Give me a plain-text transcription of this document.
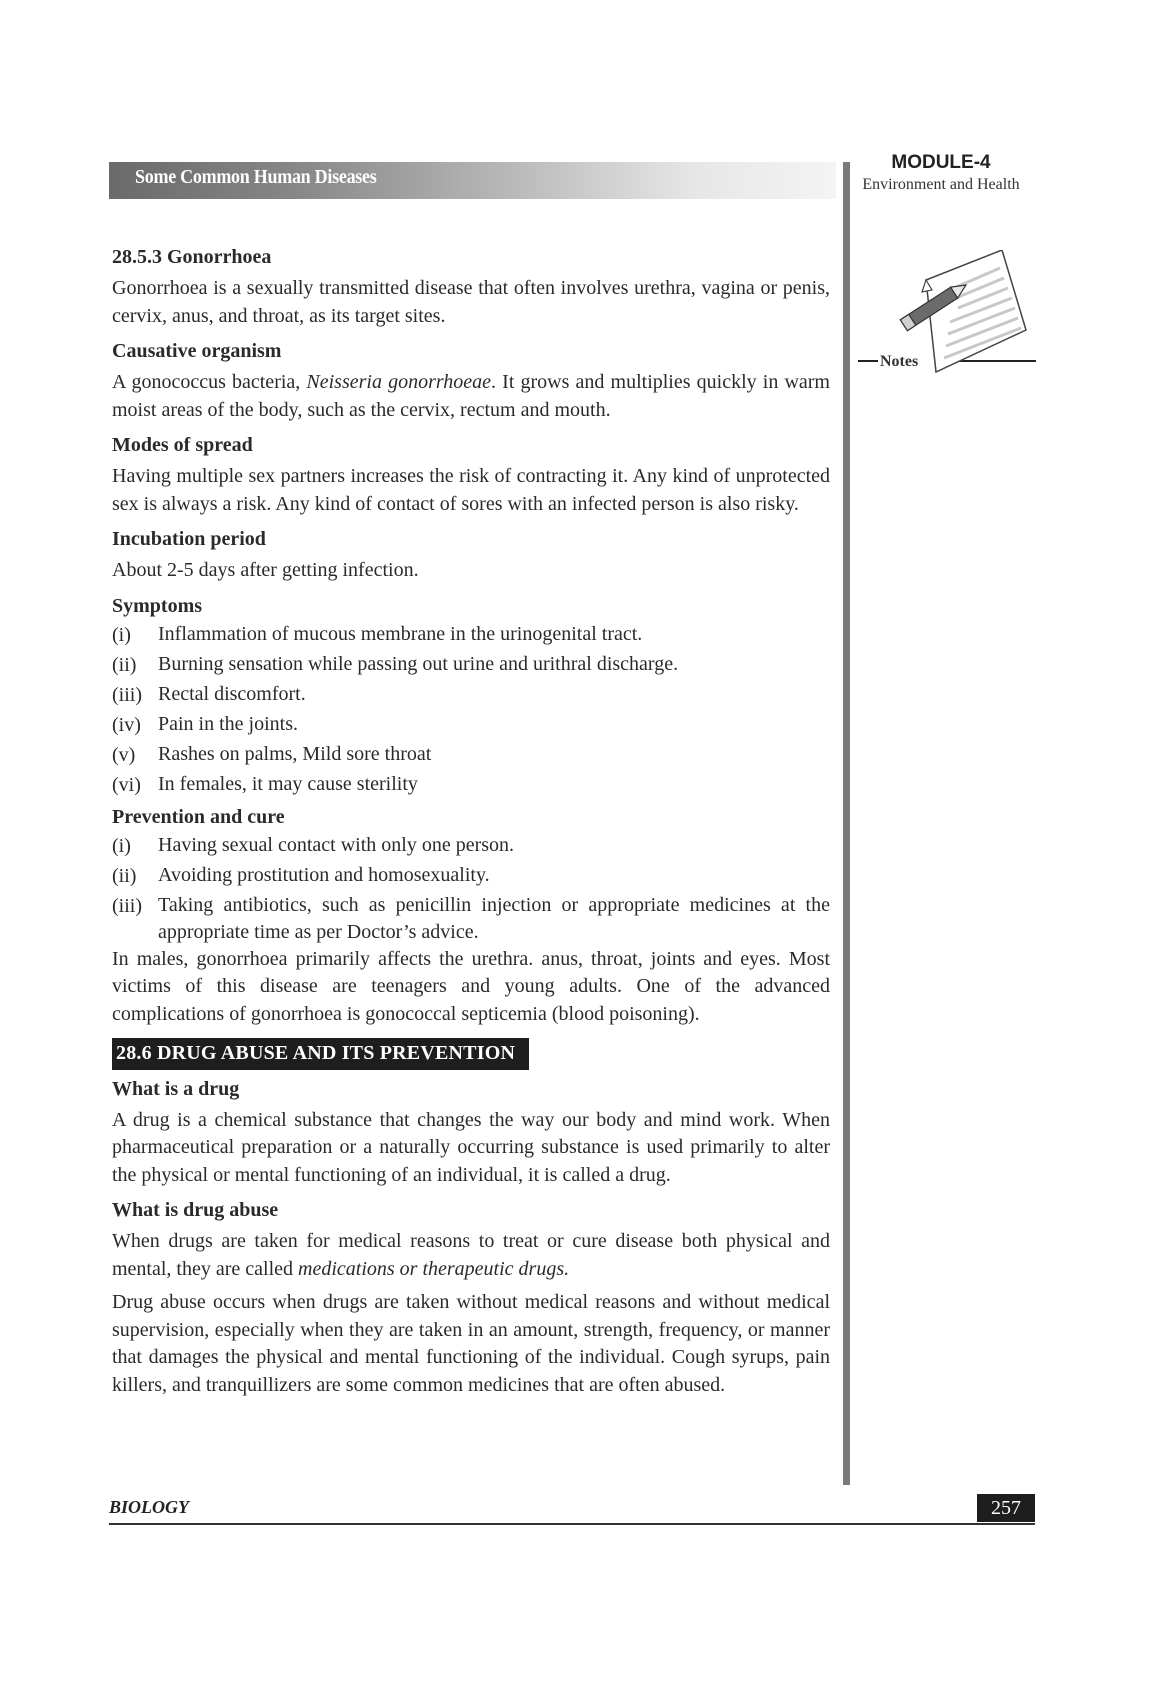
Some Common Human Diseases
MODULE-4
Environment and Health
Notes
28.5.3 Gonorrhoea

Gonorrhoea is a sexually transmitted disease that often involves urethra, vagina or penis, cervix, anus, and throat, as its target sites.

Causative organism

A gonococcus bacteria, Neisseria gonorrhoeae. It grows and multiplies quickly in warm moist areas of the body, such as the cervix, rectum and mouth.

Modes of spread

Having multiple sex partners increases the risk of contracting it. Any kind of unprotected sex is always a risk. Any kind of contact of sores with an infected person is also risky.

Incubation period

About 2-5 days after getting infection.

Symptoms
(i)	Inflammation of mucous membrane in the urinogenital tract.
(ii)	Burning sensation while passing out urine and urithral discharge.
(iii) Rectal discomfort.
(iv) Pain in the joints.
(v)	Rashes on palms, Mild sore throat
(vi) In females, it may cause sterility
Prevention and cure
(i)	Having sexual contact with only one person.
(ii)	Avoiding prostitution and homosexuality.
(iii) Taking antibiotics, such as penicillin injection or appropriate medicines at the appropriate time as per Doctor’s advice.

In males, gonorrhoea primarily affects the urethra. anus, throat, joints and eyes. Most victims of this disease are teenagers and young adults. One of the advanced complications of gonorrhoea is gonococcal septicemia (blood poisoning).

28.6 DRUG ABUSE AND ITS PREVENTION
What is a drug

A drug is a chemical substance that changes the way our body and mind work. When pharmaceutical preparation or a naturally occurring substance is used primarily to alter the physical or mental functioning of an individual, it is called a drug.

What is drug abuse

When drugs are taken for medical reasons to treat or cure disease both physical and mental, they are called medications or therapeutic drugs.

Drug abuse occurs when drugs are taken without medical reasons and without medical supervision, especially when they are taken in an amount, strength, frequency, or manner that damages the physical and mental functioning of the individual. Cough syrups, pain killers, and tranquillizers are some common medicines that are often abused.

BIOLOGY	257
